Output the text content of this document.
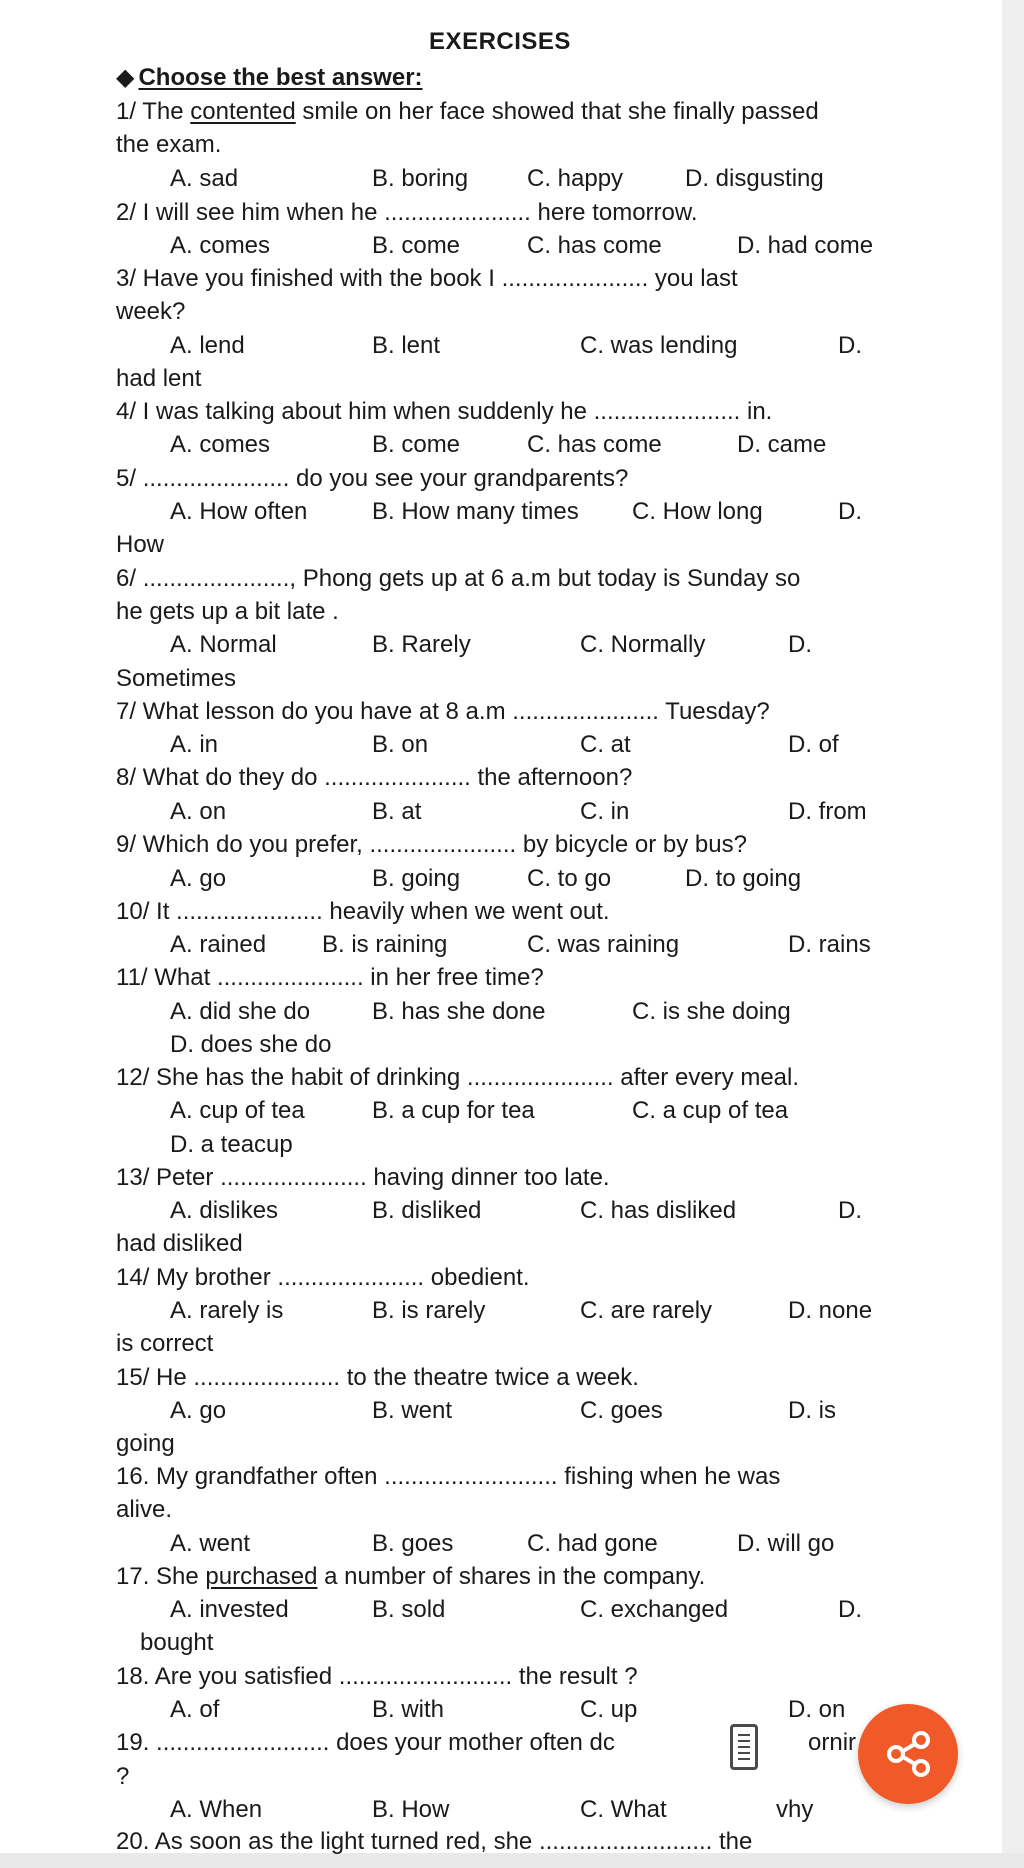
EXERCISES
◆ Choose the best answer:
1/ The contented smile on her face showed that she finally passed
the exam.
A. sad	B. boring C. happy	D. disgusting
2/ I will see him when he ...................... here tomorrow.
A. comes	B. come	C. has come	D. had come
3/ Have you finished with the book I ...................... you last
week?
A. lend	B. lent	C. was lending	D.
had lent
4/ I was talking about him when suddenly he ...................... in.
A. comes	B. come	C. has come	D. came
5/ ...................... do you see your grandparents?
A. How often	B. How many times C. How long	D.
How
6/ ......................, Phong gets up at 6 a.m but today is Sunday so
he gets up a bit late .
A. Normal	B. Rarely	C. Normally	D.
Sometimes
7/ What lesson do you have at 8 a.m ...................... Tuesday?
A. in	B. on	C. at	D. of
8/ What do they do ...................... the afternoon?
A. on	B. at	C. in	D. from
9/ Which do you prefer, ...................... by bicycle or by bus?
A. go	B. going	C. to go	D. to going
10/ It ...................... heavily when we went out.
A. rained B. is raining	C. was raining	D. rains
11/ What ...................... in her free time?
A. did she do	B. has she done	C. is she doing
D. does she do
12/ She has the habit of drinking ...................... after every meal.
A. cup of tea	B. a cup for tea	C. a cup of tea
D. a teacup
13/ Peter ...................... having dinner too late.
A. dislikes	B. disliked	C. has disliked	D.
had disliked
14/ My brother ...................... obedient.
A. rarely is	B. is rarely	C. are rarely	D. none
is correct
15/ He ...................... to the theatre twice a week.
A. go	B. went	C. goes	D. is
going
16. My grandfather often .......................... fishing when he was
alive.
A. went	B. goes	C. had gone	D. will go
17. She purchased a number of shares in the company.
A. invested	B. sold	C. exchanged	D.
bought
18. Are you satisfied .......................... the result ?
A. of	B. with	C. up	D. on
19. .......................... does your mother often dc
?
A. When	B. How	C. What
ornir
vhy
20. As soon as the light turned red, she .......................... the
